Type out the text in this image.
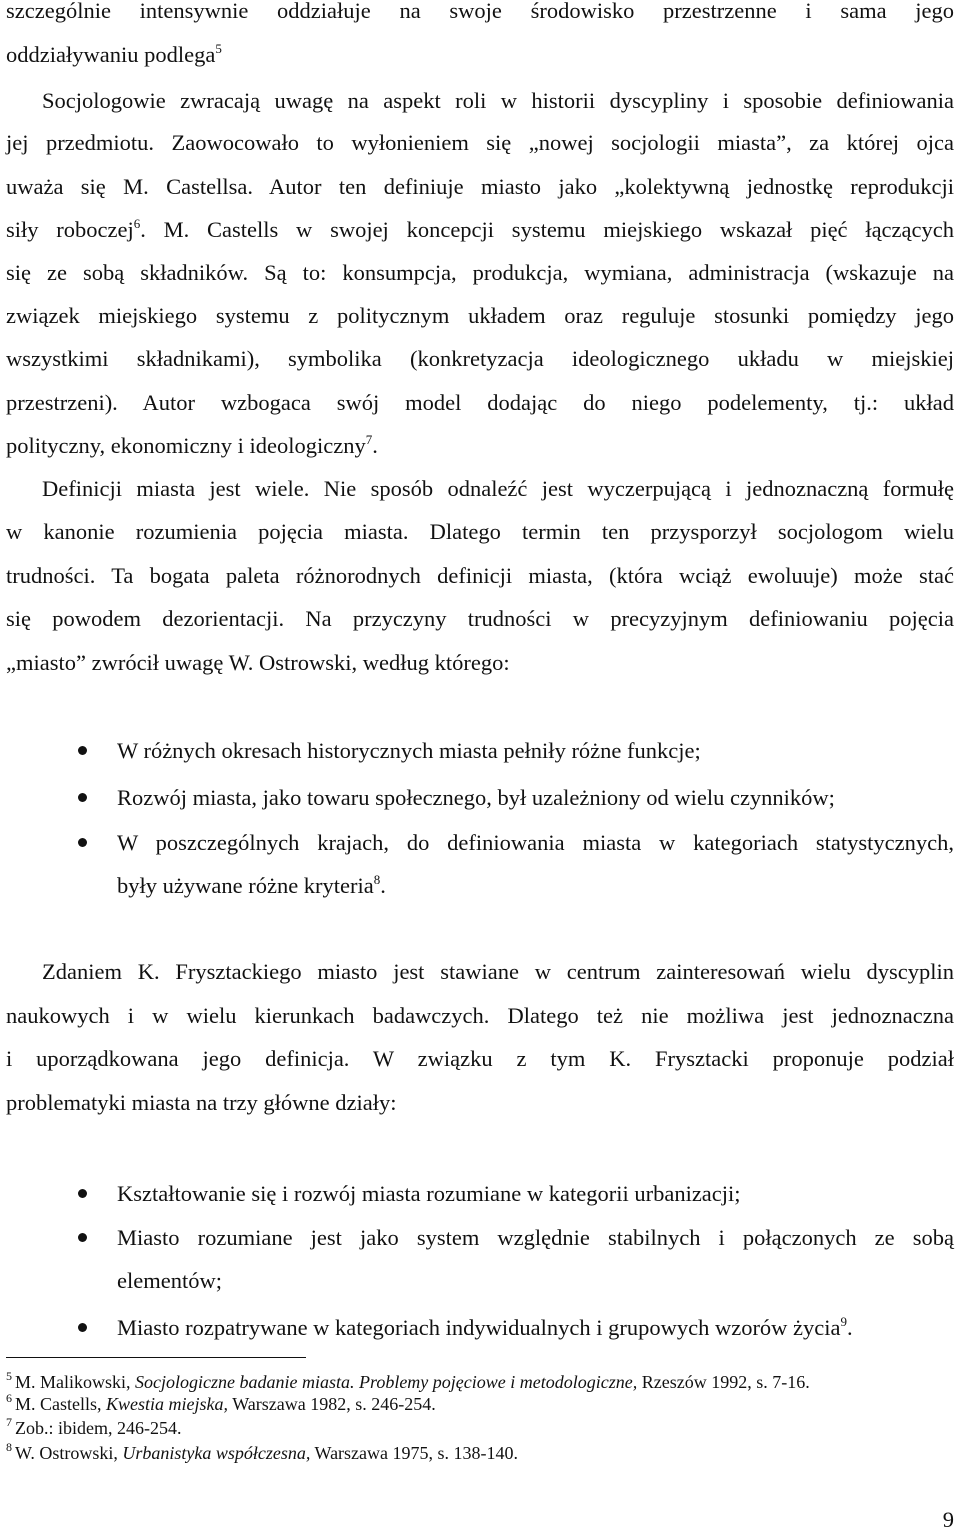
szczególnie intensywnie oddziałuje na swoje środowisko przestrzenne i sama jego
oddziaływaniu podlega$^5$
Socjologowie zwracają uwagę na aspekt roli w historii dyscypliny i sposobie definiowania
jej przedmiotu. Zaowocowało to wyłonieniem się „nowej socjologii miasta”, za której ojca
uważa się M. Castellsa. Autor ten definiuje miasto jako „kolektywną jednostkę reprodukcji
siły roboczej$^6$. M. Castells w swojej koncepcji systemu miejskiego wskazał pięć łączących
się ze sobą składników. Są to: konsumpcja, produkcja, wymiana, administracja (wskazuje na
związek miejskiego systemu z politycznym układem oraz reguluje stosunki pomiędzy jego
wszystkimi składnikami), symbolika (konkretyzacja ideologicznego układu w miejskiej
przestrzeni). Autor wzbogaca swój model dodając do niego podelementy, tj.: układ
polityczny, ekonomiczny i ideologiczny$^7$.
Definicji miasta jest wiele. Nie sposób odnaleźć jest wyczerpującą i jednoznaczną formułę
w kanonie rozumienia pojęcia miasta. Dlatego termin ten przysporzył socjologom wielu
trudności. Ta bogata paleta różnorodnych definicji miasta, (która wciąż ewoluuje) może stać
się powodem dezorientacji. Na przyczyny trudności w precyzyjnym definiowaniu pojęcia
„miasto” zwrócił uwagę W. Ostrowski, według którego:
W różnych okresach historycznych miasta pełniły różne funkcje;
Rozwój miasta, jako towaru społecznego, był uzależniony od wielu czynników;
W poszczególnych krajach, do definiowania miasta w kategoriach statystycznych,
były używane różne kryteria$^8$.
Zdaniem K. Frysztackiego miasto jest stawiane w centrum zainteresowań wielu dyscyplin
naukowych i w wielu kierunkach badawczych. Dlatego też nie możliwa jest jednoznaczna
i uporządkowana jego definicja. W związku z tym K. Frysztacki proponuje podział
problematyki miasta na trzy główne działy:
Kształtowanie się i rozwój miasta rozumiane w kategorii urbanizacji;
Miasto rozumiane jest jako system względnie stabilnych i połączonych ze sobą
elementów;
Miasto rozpatrywane w kategoriach indywidualnych i grupowych wzorów życia$^9$.
$^5$ M. Malikowski, Socjologiczne badanie miasta. Problemy pojęciowe i metodologiczne, Rzeszów 1992, s. 7-16.
$^6$ M. Castells, Kwestia miejska, Warszawa 1982, s. 246-254.
$^7$ Zob.: ibidem, 246-254.
$^8$ W. Ostrowski, Urbanistyka współczesna, Warszawa 1975, s. 138-140.
9
